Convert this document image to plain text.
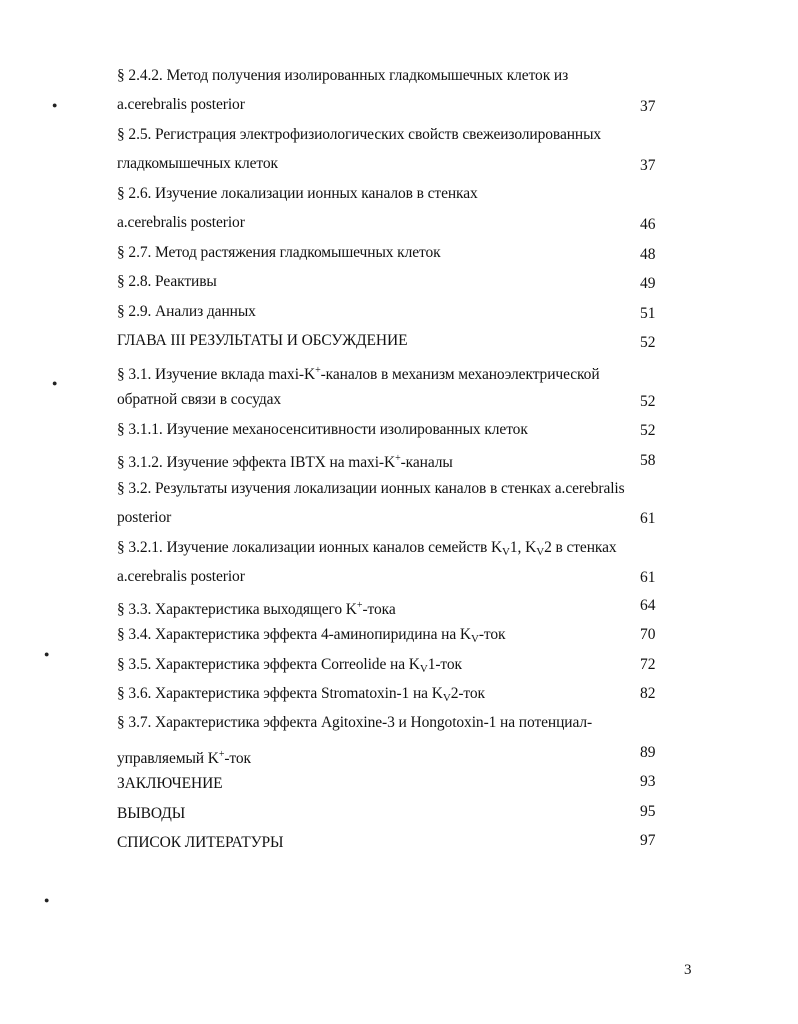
§ 2.4.2. Метод получения изолированных гладкомышечных клеток из
a.cerebralis posterior	37
§ 2.5. Регистрация электрофизиологических свойств свежеизолированных
гладкомышечных клеток	37
§ 2.6. Изучение локализации ионных каналов в стенках
a.cerebralis posterior	46
§ 2.7. Метод растяжения гладкомышечных клеток	48
§ 2.8. Реактивы	49
§ 2.9. Анализ данных	51
ГЛАВА III РЕЗУЛЬТАТЫ И ОБСУЖДЕНИЕ	52
§ 3.1. Изучение вклада maxi-K+-каналов в механизм механоэлектрической
обратной связи в сосудах	52
§ 3.1.1. Изучение механосенситивности изолированных клеток	52
§ 3.1.2. Изучение эффекта IBTX на maxi-K+-каналы	58
§ 3.2. Результаты изучения локализации ионных каналов в стенках a.cerebralis
posterior	61
§ 3.2.1. Изучение локализации ионных каналов семейств $K_V1$, $K_V2$ в стенках
a.cerebralis posterior	61
§ 3.3. Характеристика выходящего K+-тока	64
§ 3.4. Характеристика эффекта 4-аминопиридина на $K_V$-ток	70
§ 3.5. Характеристика эффекта Correolide на $K_V1$-ток	72
§ 3.6. Характеристика эффекта Stromatoxin-1 на $K_V2$-ток	82
§ 3.7. Характеристика эффекта Agitoxine-3 и Hongotoxin-1 на потенциал-
управляемый K+-ток	89
ЗАКЛЮЧЕНИЕ	93
ВЫВОДЫ	95
СПИСОК ЛИТЕРАТУРЫ	97
●
●
●
●
3
